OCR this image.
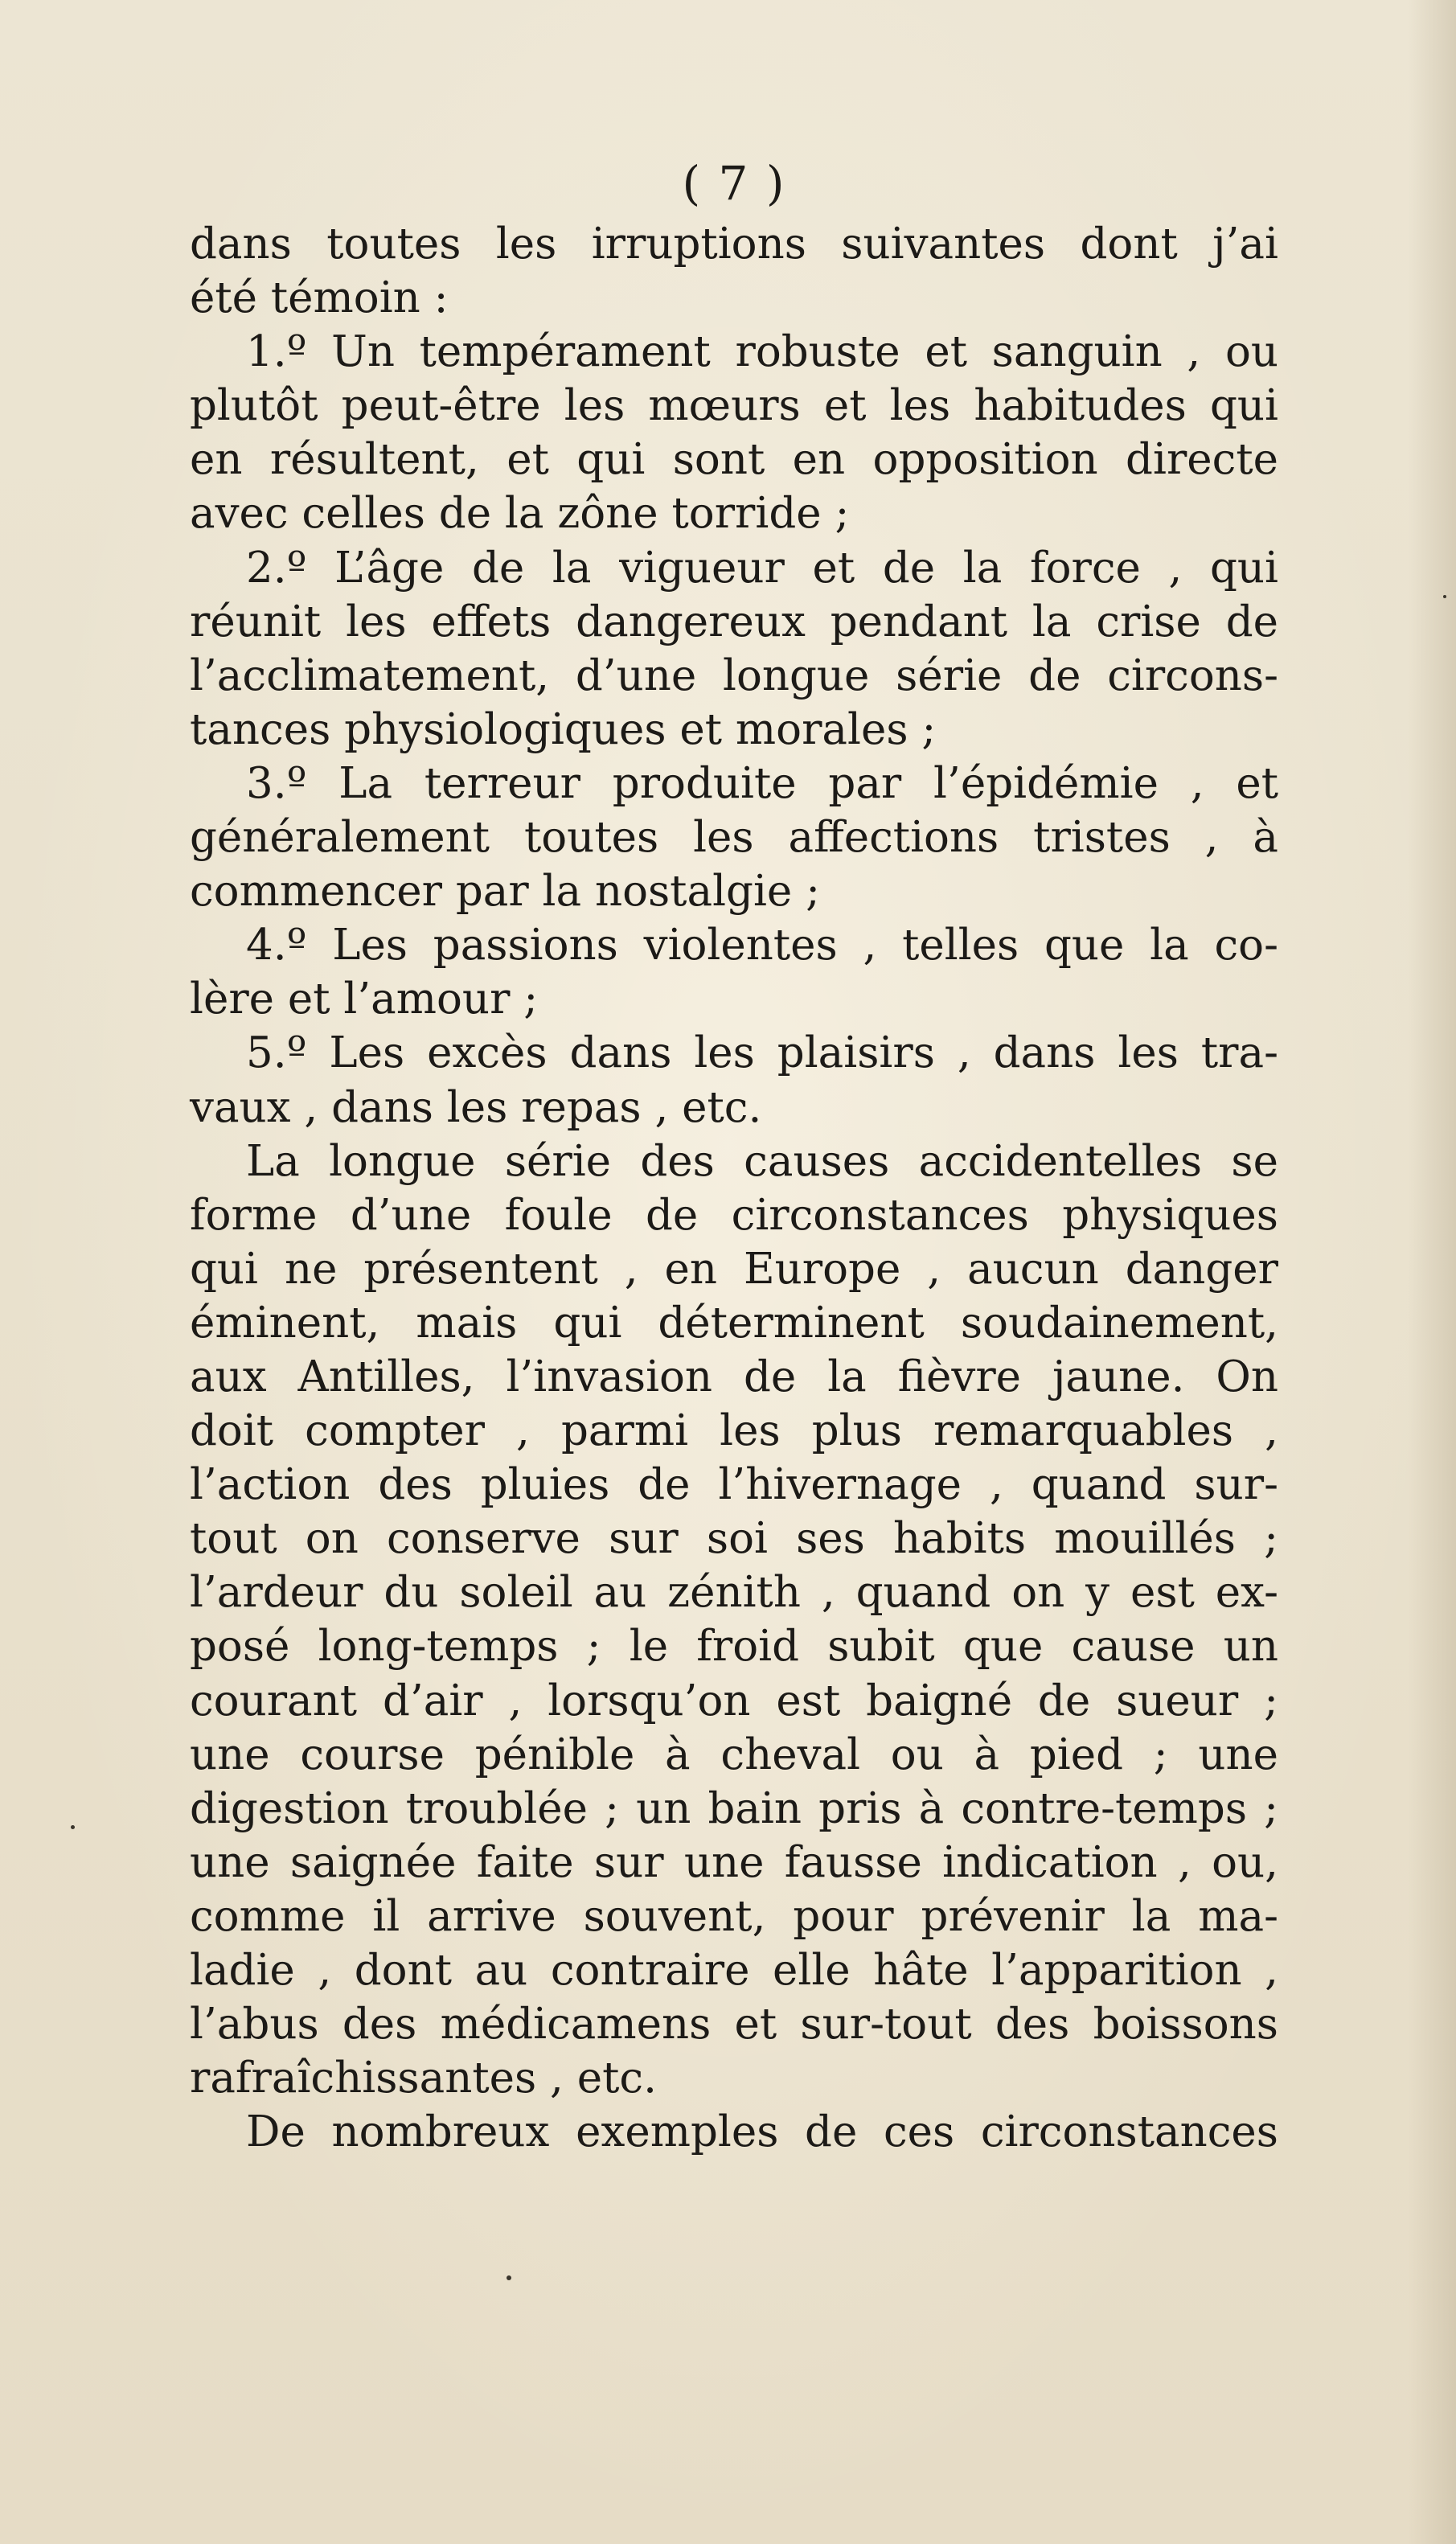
( 7 )
dans toutes les irruptions suivantes dont j’ai
été témoin :
1.º Un tempérament robuste et sanguin , ou
plutôt peut-être les mœurs et les habitudes qui
en résultent, et qui sont en opposition directe
avec celles de la zône torride ;
2.º L’âge de la vigueur et de la force , qui
réunit les effets dangereux pendant la crise de
l’acclimatement, d’une longue série de circons-
tances physiologiques et morales ;
3.º La terreur produite par l’épidémie , et
généralement toutes les affections tristes , à
commencer par la nostalgie ;
4.º Les passions violentes , telles que la co-
lère et l’amour ;
5.º Les excès dans les plaisirs , dans les tra-
vaux , dans les repas , etc.
La longue série des causes accidentelles se
forme d’une foule de circonstances physiques
qui ne présentent , en Europe , aucun danger
éminent, mais qui déterminent soudainement,
aux Antilles, l’invasion de la fièvre jaune. On
doit compter , parmi les plus remarquables ,
l’action des pluies de l’hivernage , quand sur-
tout on conserve sur soi ses habits mouillés ;
l’ardeur du soleil au zénith , quand on y est ex-
posé long-temps ; le froid subit que cause un
courant d’air , lorsqu’on est baigné de sueur ;
une course pénible à cheval ou à pied ; une
digestion troublée ; un bain pris à contre-temps ;
une saignée faite sur une fausse indication , ou,
comme il arrive souvent, pour prévenir la ma-
ladie , dont au contraire elle hâte l’apparition ,
l’abus des médicamens et sur-tout des boissons
rafraîchissantes , etc.
De nombreux exemples de ces circonstances
